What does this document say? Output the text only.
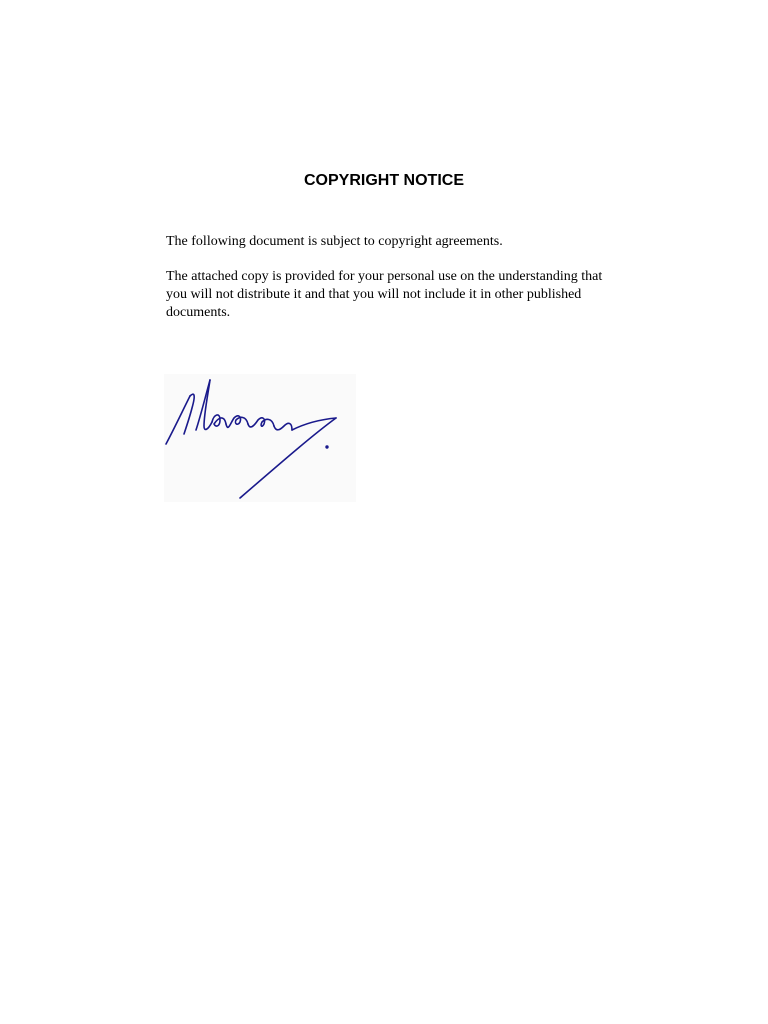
COPYRIGHT NOTICE

The following document is subject to copyright agreements.

The attached copy is provided for your personal use on the understanding that you will not distribute it and that you will not include it in other published documents.
